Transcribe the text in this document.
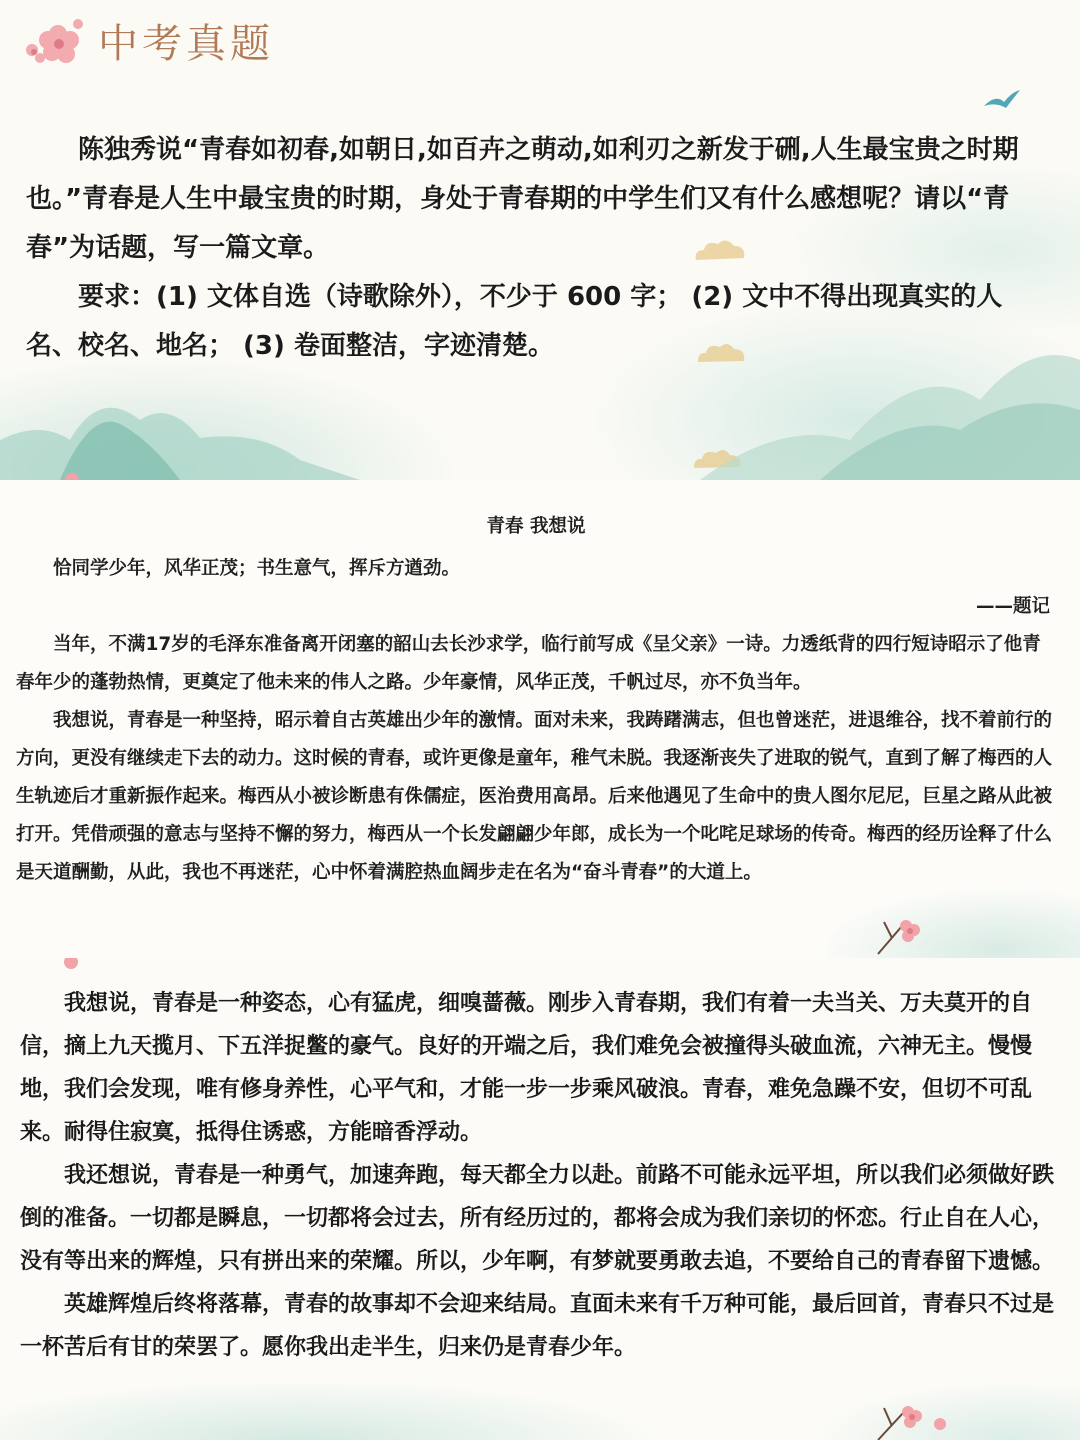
中考真题

陈独秀说“青春如初春,如朝日,如百卉之萌动,如利刃之新发于硎,人生最宝贵之时期也。”青春是人生中最宝贵的时期，身处于青春期的中学生们又有什么感想呢？请以“青春”为话题，写一篇文章。

要求：(1) 文体自选（诗歌除外），不少于 600 字； (2) 文中不得出现真实的人名、校名、地名； (3) 卷面整洁，字迹清楚。

青春 我想说

恰同学少年，风华正茂；书生意气，挥斥方遒劲。

——题记

当年，不满17岁的毛泽东准备离开闭塞的韶山去长沙求学，临行前写成《呈父亲》一诗。力透纸背的四行短诗昭示了他青春年少的蓬勃热情，更奠定了他未来的伟人之路。少年豪情，风华正茂，千帆过尽，亦不负当年。

我想说，青春是一种坚持，昭示着自古英雄出少年的激情。面对未来，我踌躇满志，但也曾迷茫，进退维谷，找不着前行的方向，更没有继续走下去的动力。这时候的青春，或许更像是童年，稚气未脱。我逐渐丧失了进取的锐气，直到了解了梅西的人生轨迹后才重新振作起来。梅西从小被诊断患有侏儒症，医治费用高昂。后来他遇见了生命中的贵人图尔尼尼，巨星之路从此被打开。凭借顽强的意志与坚持不懈的努力，梅西从一个长发翩翩少年郎，成长为一个叱咤足球场的传奇。梅西的经历诠释了什么是天道酬勤，从此，我也不再迷茫，心中怀着满腔热血阔步走在名为“奋斗青春”的大道上。

我想说，青春是一种姿态，心有猛虎，细嗅蔷薇。刚步入青春期，我们有着一夫当关、万夫莫开的自信，摘上九天揽月、下五洋捉鳖的豪气。良好的开端之后，我们难免会被撞得头破血流，六神无主。慢慢地，我们会发现，唯有修身养性，心平气和，才能一步一步乘风破浪。青春，难免急躁不安，但切不可乱来。耐得住寂寞，抵得住诱惑，方能暗香浮动。

我还想说，青春是一种勇气，加速奔跑，每天都全力以赴。前路不可能永远平坦，所以我们必须做好跌倒的准备。一切都是瞬息，一切都将会过去，所有经历过的，都将会成为我们亲切的怀恋。行止自在人心，没有等出来的辉煌，只有拼出来的荣耀。所以，少年啊，有梦就要勇敢去追，不要给自己的青春留下遗憾。

英雄辉煌后终将落幕，青春的故事却不会迎来结局。直面未来有千万种可能，最后回首，青春只不过是一杯苦后有甘的荣罢了。愿你我出走半生，归来仍是青春少年。
